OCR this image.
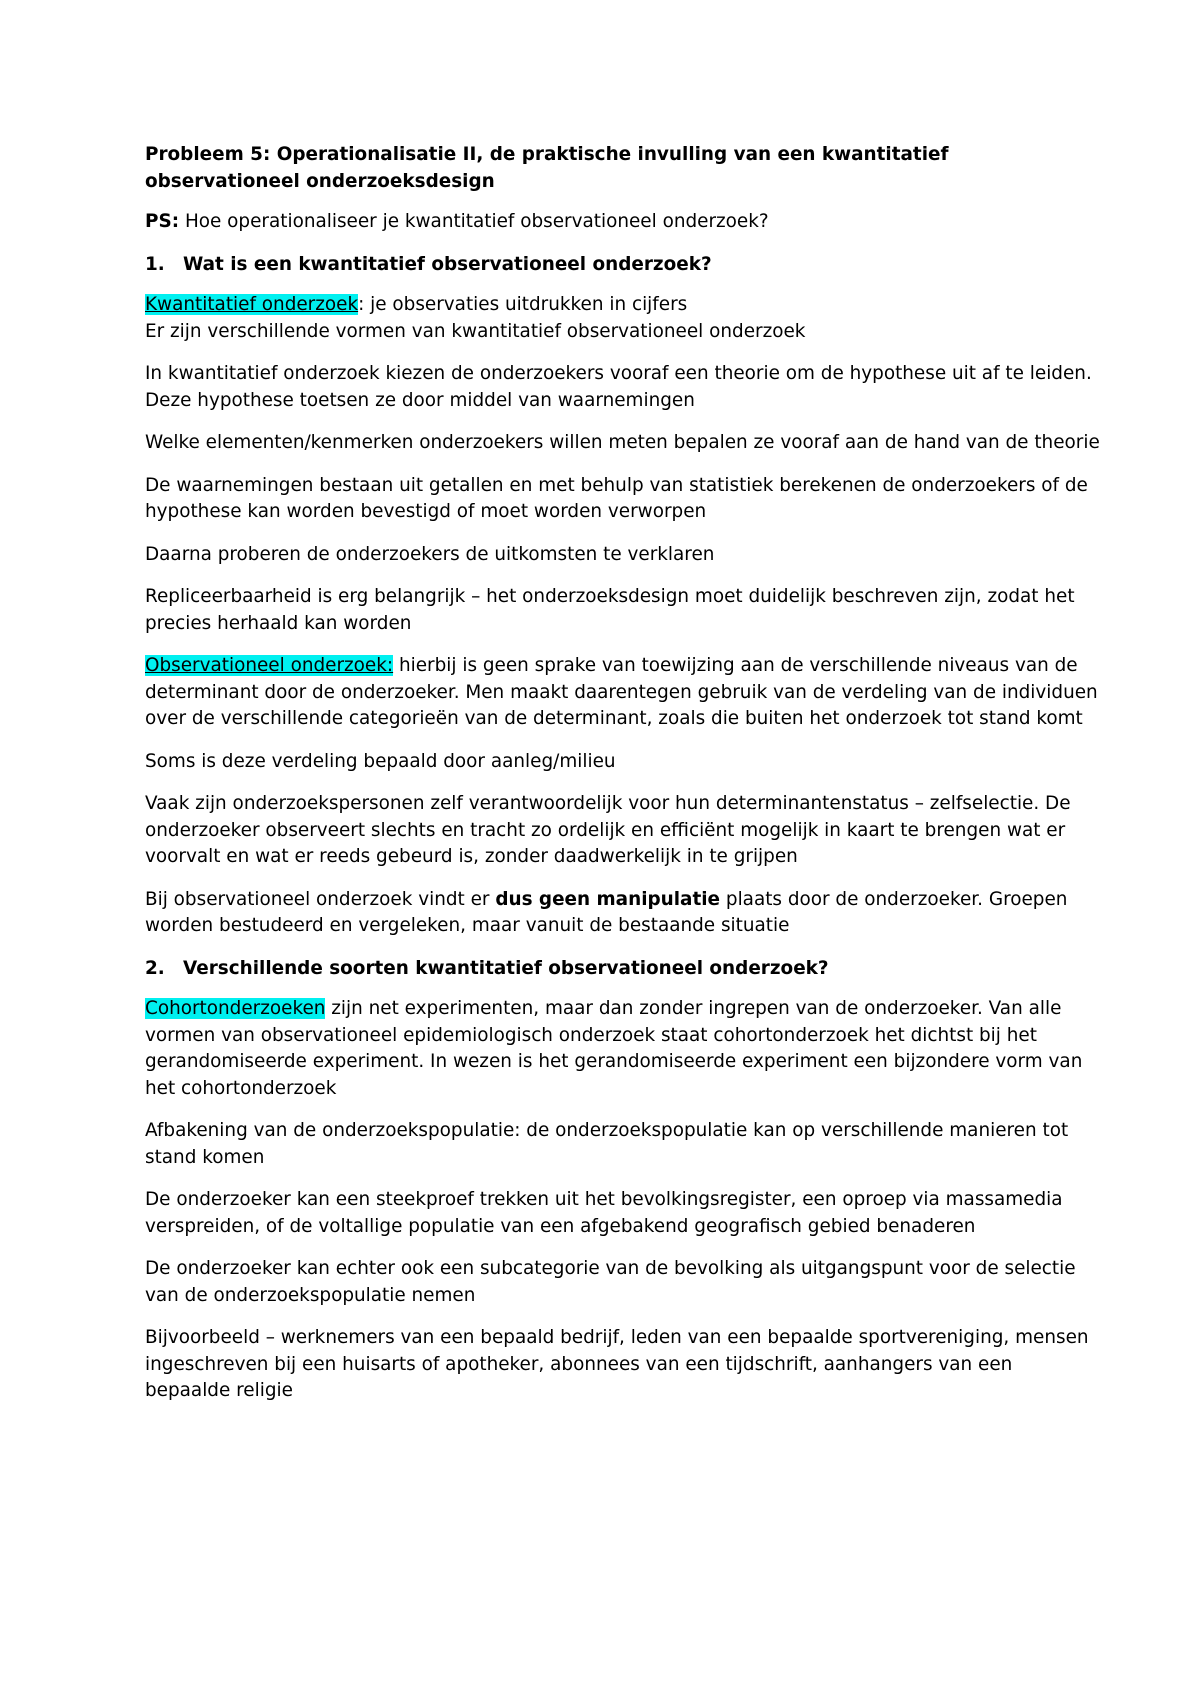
Probleem 5: Operationalisatie II, de praktische invulling van een kwantitatief observationeel onderzoeksdesign

PS: Hoe operationaliseer je kwantitatief observationeel onderzoek?

1. Wat is een kwantitatief observationeel onderzoek?

Kwantitatief onderzoek: je observaties uitdrukken in cijfers
Er zijn verschillende vormen van kwantitatief observationeel onderzoek

In kwantitatief onderzoek kiezen de onderzoekers vooraf een theorie om de hypothese uit af te leiden. Deze hypothese toetsen ze door middel van waarnemingen

Welke elementen/kenmerken onderzoekers willen meten bepalen ze vooraf aan de hand van de theorie

De waarnemingen bestaan uit getallen en met behulp van statistiek berekenen de onderzoekers of de hypothese kan worden bevestigd of moet worden verworpen

Daarna proberen de onderzoekers de uitkomsten te verklaren

Repliceerbaarheid is erg belangrijk – het onderzoeksdesign moet duidelijk beschreven zijn, zodat het precies herhaald kan worden

Observationeel onderzoek: hierbij is geen sprake van toewijzing aan de verschillende niveaus van de determinant door de onderzoeker. Men maakt daarentegen gebruik van de verdeling van de individuen over de verschillende categorieën van de determinant, zoals die buiten het onderzoek tot stand komt

Soms is deze verdeling bepaald door aanleg/milieu

Vaak zijn onderzoekspersonen zelf verantwoordelijk voor hun determinantenstatus – zelfselectie. De onderzoeker observeert slechts en tracht zo ordelijk en efficiënt mogelijk in kaart te brengen wat er voorvalt en wat er reeds gebeurd is, zonder daadwerkelijk in te grijpen

Bij observationeel onderzoek vindt er dus geen manipulatie plaats door de onderzoeker. Groepen worden bestudeerd en vergeleken, maar vanuit de bestaande situatie

2. Verschillende soorten kwantitatief observationeel onderzoek?

Cohortonderzoeken zijn net experimenten, maar dan zonder ingrepen van de onderzoeker. Van alle vormen van observationeel epidemiologisch onderzoek staat cohortonderzoek het dichtst bij het gerandomiseerde experiment. In wezen is het gerandomiseerde experiment een bijzondere vorm van het cohortonderzoek

Afbakening van de onderzoekspopulatie: de onderzoekspopulatie kan op verschillende manieren tot stand komen

De onderzoeker kan een steekproef trekken uit het bevolkingsregister, een oproep via massamedia verspreiden, of de voltallige populatie van een afgebakend geografisch gebied benaderen

De onderzoeker kan echter ook een subcategorie van de bevolking als uitgangspunt voor de selectie van de onderzoekspopulatie nemen

Bijvoorbeeld – werknemers van een bepaald bedrijf, leden van een bepaalde sportvereniging, mensen ingeschreven bij een huisarts of apotheker, abonnees van een tijdschrift, aanhangers van een bepaalde religie
